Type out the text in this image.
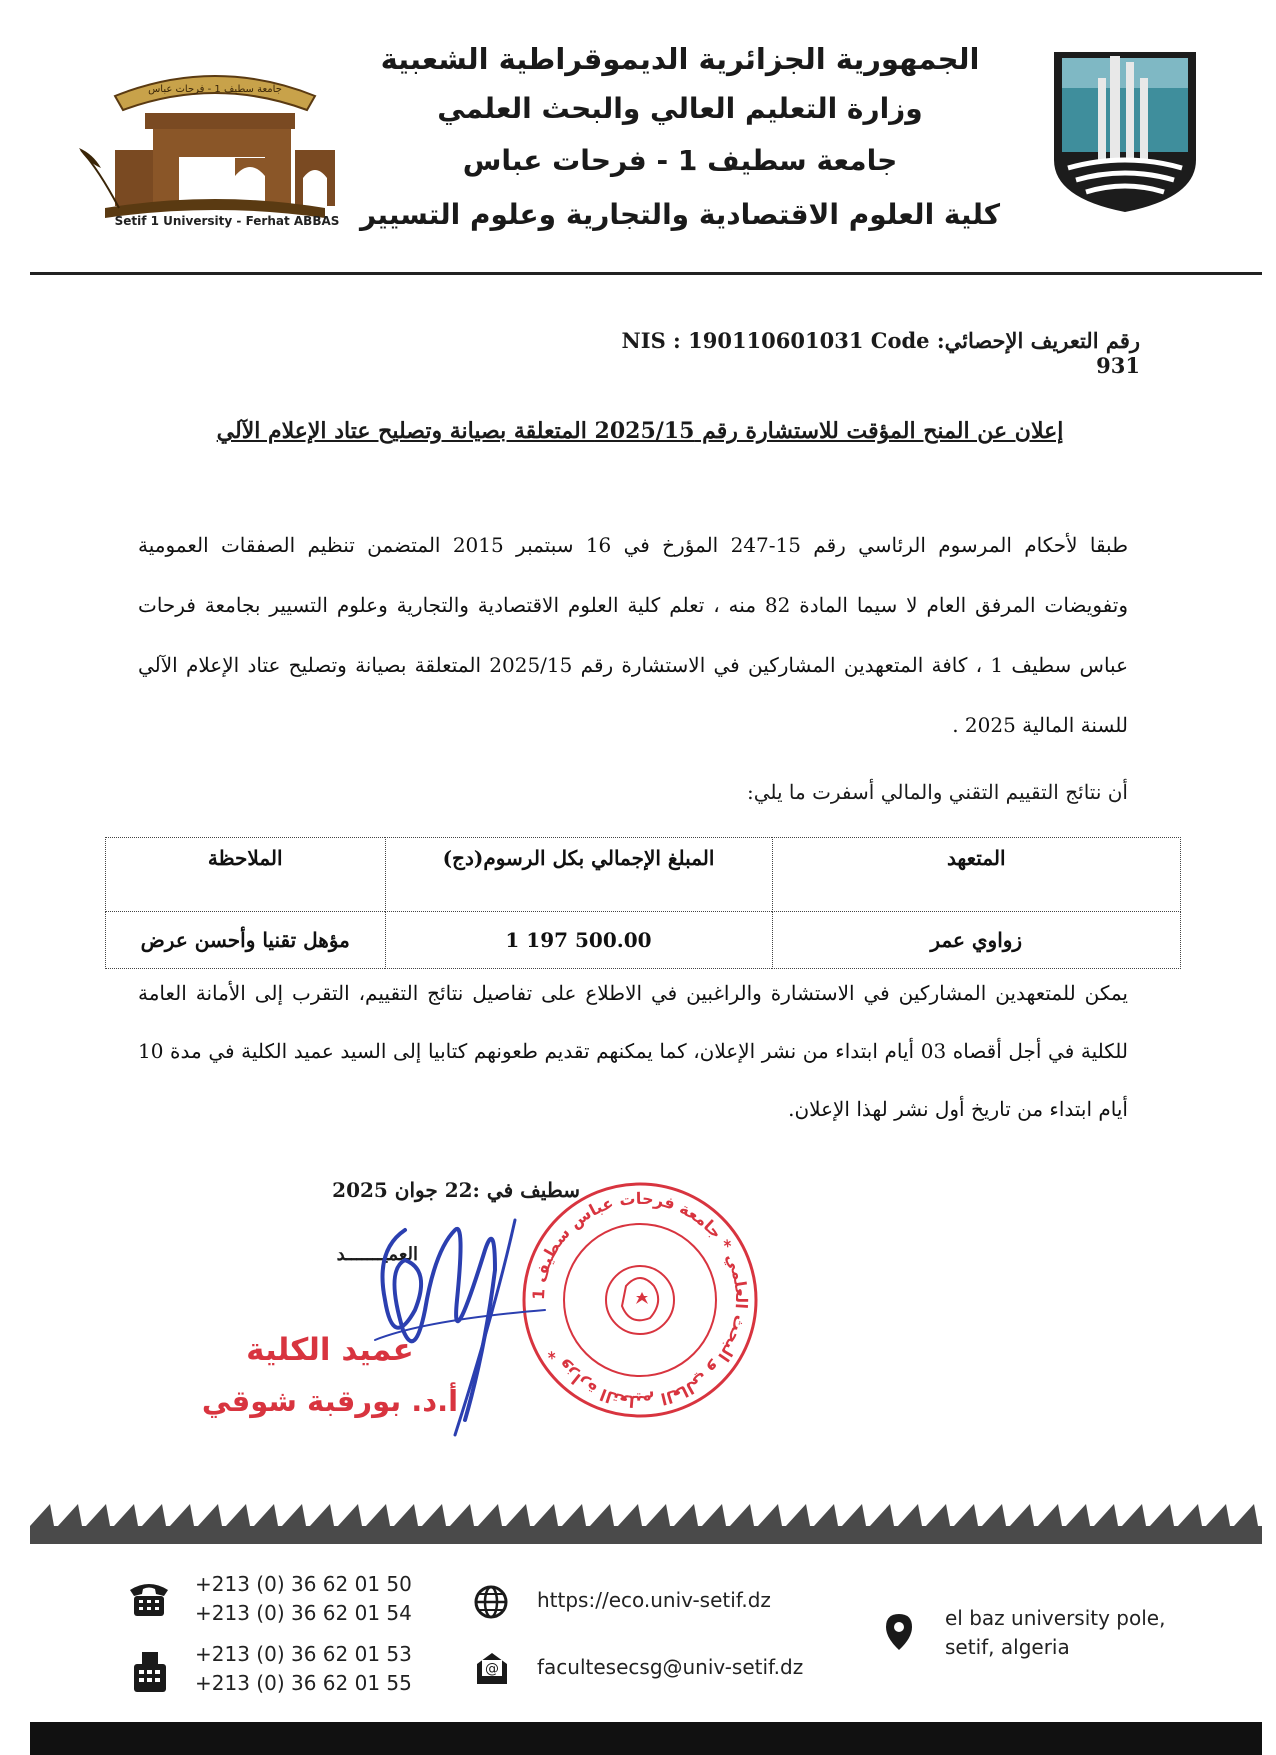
جامعة سطيف 1 - فرحات عباس
Setif 1 University - Ferhat ABBAS
الجمهورية الجزائرية الديموقراطية الشعبية
وزارة التعليم العالي والبحث العلمي
جامعة سطيف 1 - فرحات عباس
كلية العلوم الاقتصادية والتجارية وعلوم التسيير
رقم التعريف الإحصائي: NIS : 190110601031 Code 931
إعلان عن المنح المؤقت للاستشارة رقم 2025/15 المتعلقة بصيانة وتصليح عتاد الإعلام الآلي
طبقا لأحكام المرسوم الرئاسي رقم 15-247 المؤرخ في 16 سبتمبر 2015 المتضمن تنظيم الصفقات العمومية وتفويضات المرفق العام لا سيما المادة 82 منه ، تعلم كلية العلوم الاقتصادية والتجارية وعلوم التسيير بجامعة فرحات عباس سطيف 1 ، كافة المتعهدين المشاركين في الاستشارة رقم 2025/15 المتعلقة بصيانة وتصليح عتاد الإعلام الآلي للسنة المالية 2025 .
أن نتائج التقييم التقني والمالي أسفرت ما يلي:
المتعهد	المبلغ الإجمالي بكل الرسوم(دج)	الملاحظة
زواوي عمر	1 197 500.00	مؤهل تقنيا وأحسن عرض
يمكن للمتعهدين المشاركين في الاستشارة والراغبين في الاطلاع على تفاصيل نتائج التقييم، التقرب إلى الأمانة العامة للكلية في أجل أقصاه 03 أيام ابتداء من نشر الإعلان، كما يمكنهم تقديم طعونهم كتابيا إلى السيد عميد الكلية في مدة 10 أيام ابتداء من تاريخ أول نشر لهذا الإعلان.
سطيف في :22 جوان 2025
العميـــــــد
وزارة التعليم العالي و البحث العلمي * جامعة فرحات عباس سطيف 1 *
عميد الكلية
أ.د. بورقبة شوقي
+213 (0) 36 62 01 50
+213 (0) 36 62 01 54
+213 (0) 36 62 01 53
+213 (0) 36 62 01 55
https://eco.univ-setif.dz
@ facultesecsg@univ-setif.dz
el baz university pole,
setif, algeria
